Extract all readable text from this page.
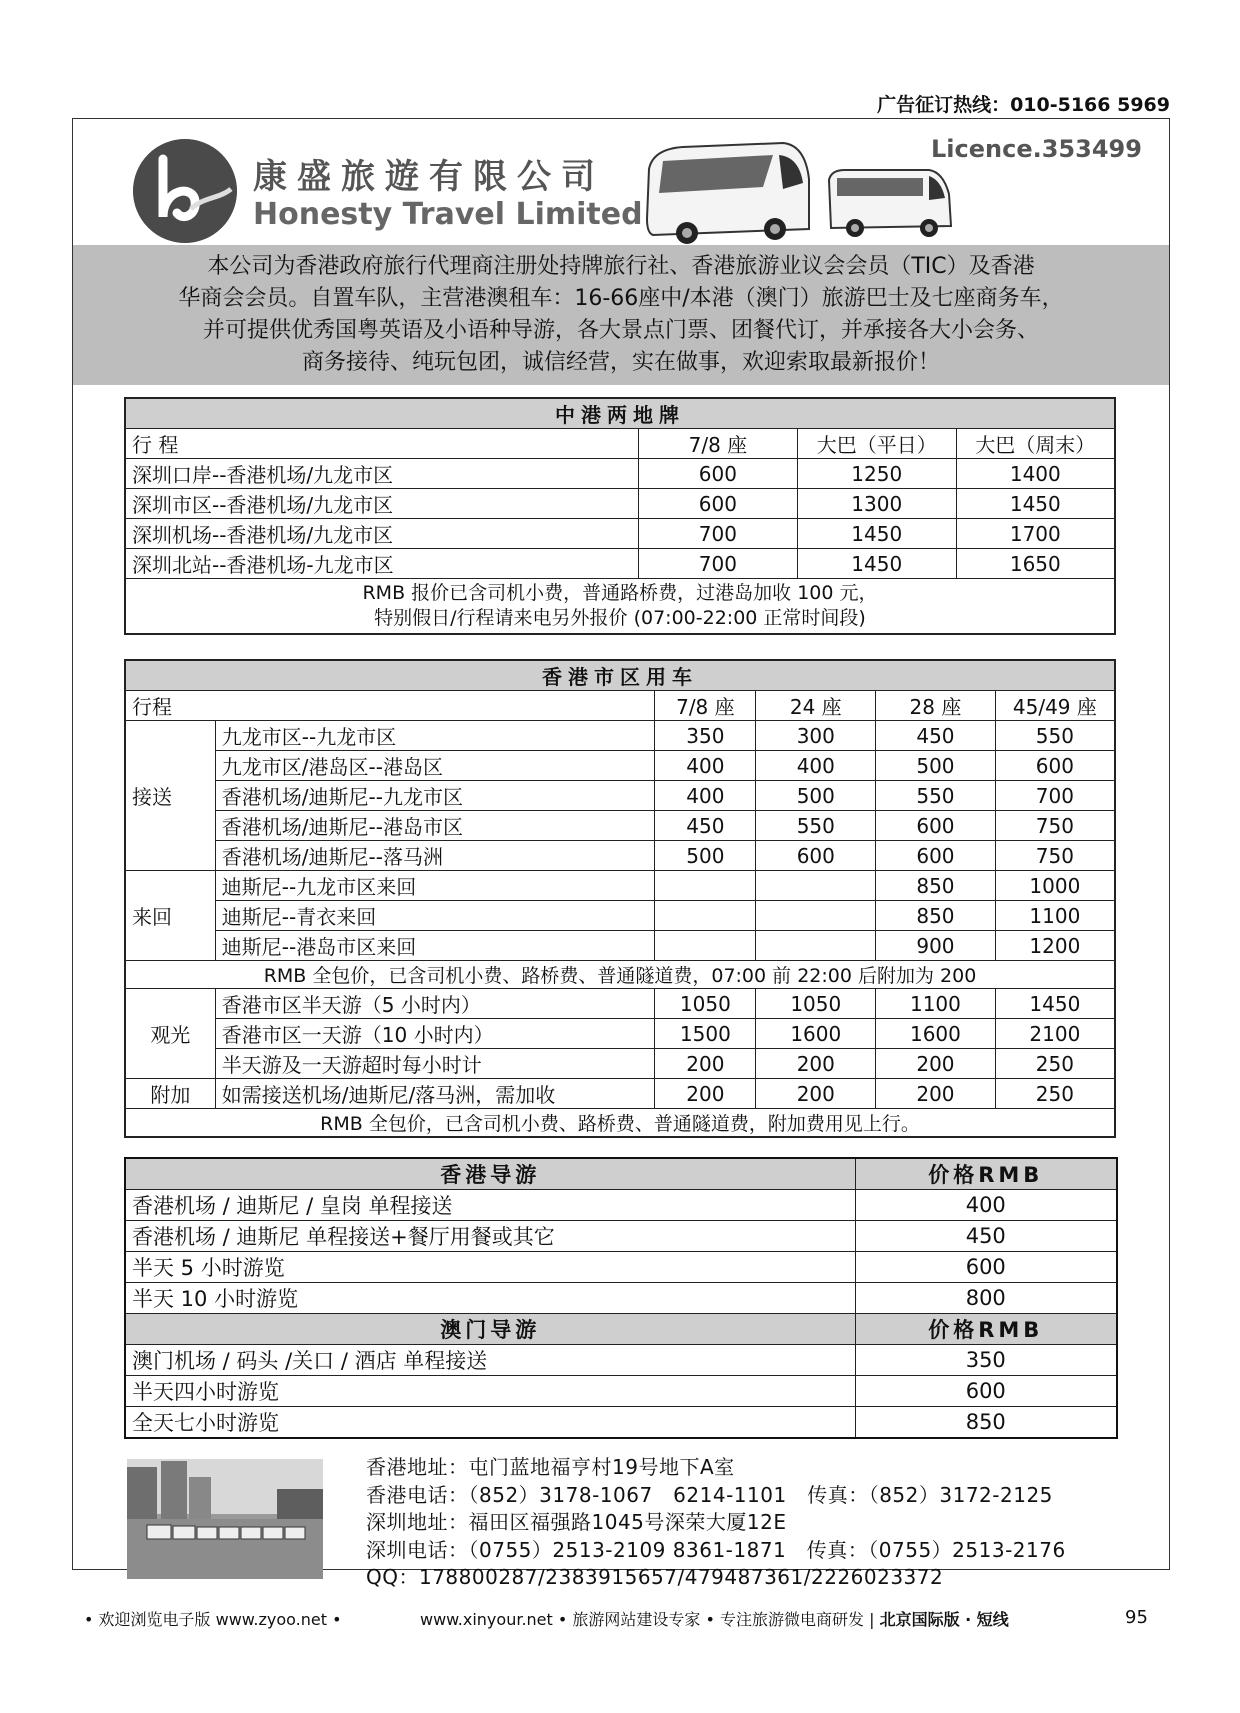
广告征订热线：010-5166 5969
康盛旅遊有限公司
Honesty Travel Limited
Licence.353499
本公司为香港政府旅行代理商注册处持牌旅行社、香港旅游业议会会员（TIC）及香港
华商会会员。自置车队，主营港澳租车：16-66座中/本港（澳门）旅游巴士及七座商务车，
并可提供优秀国粤英语及小语种导游，各大景点门票、团餐代订，并承接各大小会务、
商务接待、纯玩包团，诚信经营，实在做事，欢迎索取最新报价！
中港两地牌			
行 程	7/8 座	大巴（平日）	大巴（周末）
深圳口岸--香港机场/九龙市区	600	1250	1400
深圳市区--香港机场/九龙市区	600	1300	1450
深圳机场--香港机场/九龙市区	700	1450	1700
深圳北站--香港机场-九龙市区	700	1450	1650

RMB 报价已含司机小费，普通路桥费，过港岛加收 100 元，
特别假日/行程请来电另外报价 (07:00-22:00 正常时间段)			
香港市区用车					
行程		7/8 座	24 座	28 座	45/49 座
接送	九龙市区--九龙市区	350	300	450	550
	九龙市区/港岛区--港岛区	400	400	500	600
	香港机场/迪斯尼--九龙市区	400	500	550	700
	香港机场/迪斯尼--港岛市区	450	550	600	750
	香港机场/迪斯尼--落马洲	500	600	600	750
来回	迪斯尼--九龙市区来回			850	1000
	迪斯尼--青衣来回			850	1100
	迪斯尼--港岛市区来回			900	1200
RMB 全包价，已含司机小费、路桥费、普通隧道费，07:00 前 22:00 后附加为 200					
观光	香港市区半天游（5 小时内）	1050	1050	1100	1450
	香港市区一天游（10 小时内）	1500	1600	1600	2100
	半天游及一天游超时每小时计	200	200	200	250
附加	如需接送机场/迪斯尼/落马洲，需加收	200	200	200	250
RMB 全包价，已含司机小费、路桥费、普通隧道费，附加费用见上行。					
香港导游	价格RMB
香港机场 / 迪斯尼 / 皇岗 单程接送	400
香港机场 / 迪斯尼 单程接送+餐厅用餐或其它	450
半天 5 小时游览	600
半天 10 小时游览	800
澳门导游	价格RMB
澳门机场 / 码头 /关口 / 酒店 单程接送	350
半天四小时游览	600
全天七小时游览	850
香港地址：屯门蓝地福亨村19号地下A室
香港电话：（852）3178-1067　6214-1101　传真：（852）3172-2125
深圳地址：福田区福强路1045号深荣大厦12E
深圳电话：（0755）2513-2109 8361-1871　传真：（0755）2513-2176
QQ：178800287/2383915657/479487361/2226023372
• 欢迎浏览电子版 www.zyoo.net •	www.xinyour.net • 旅游网站建设专家 • 专注旅游微电商研发 | 北京国际版 · 短线	95
